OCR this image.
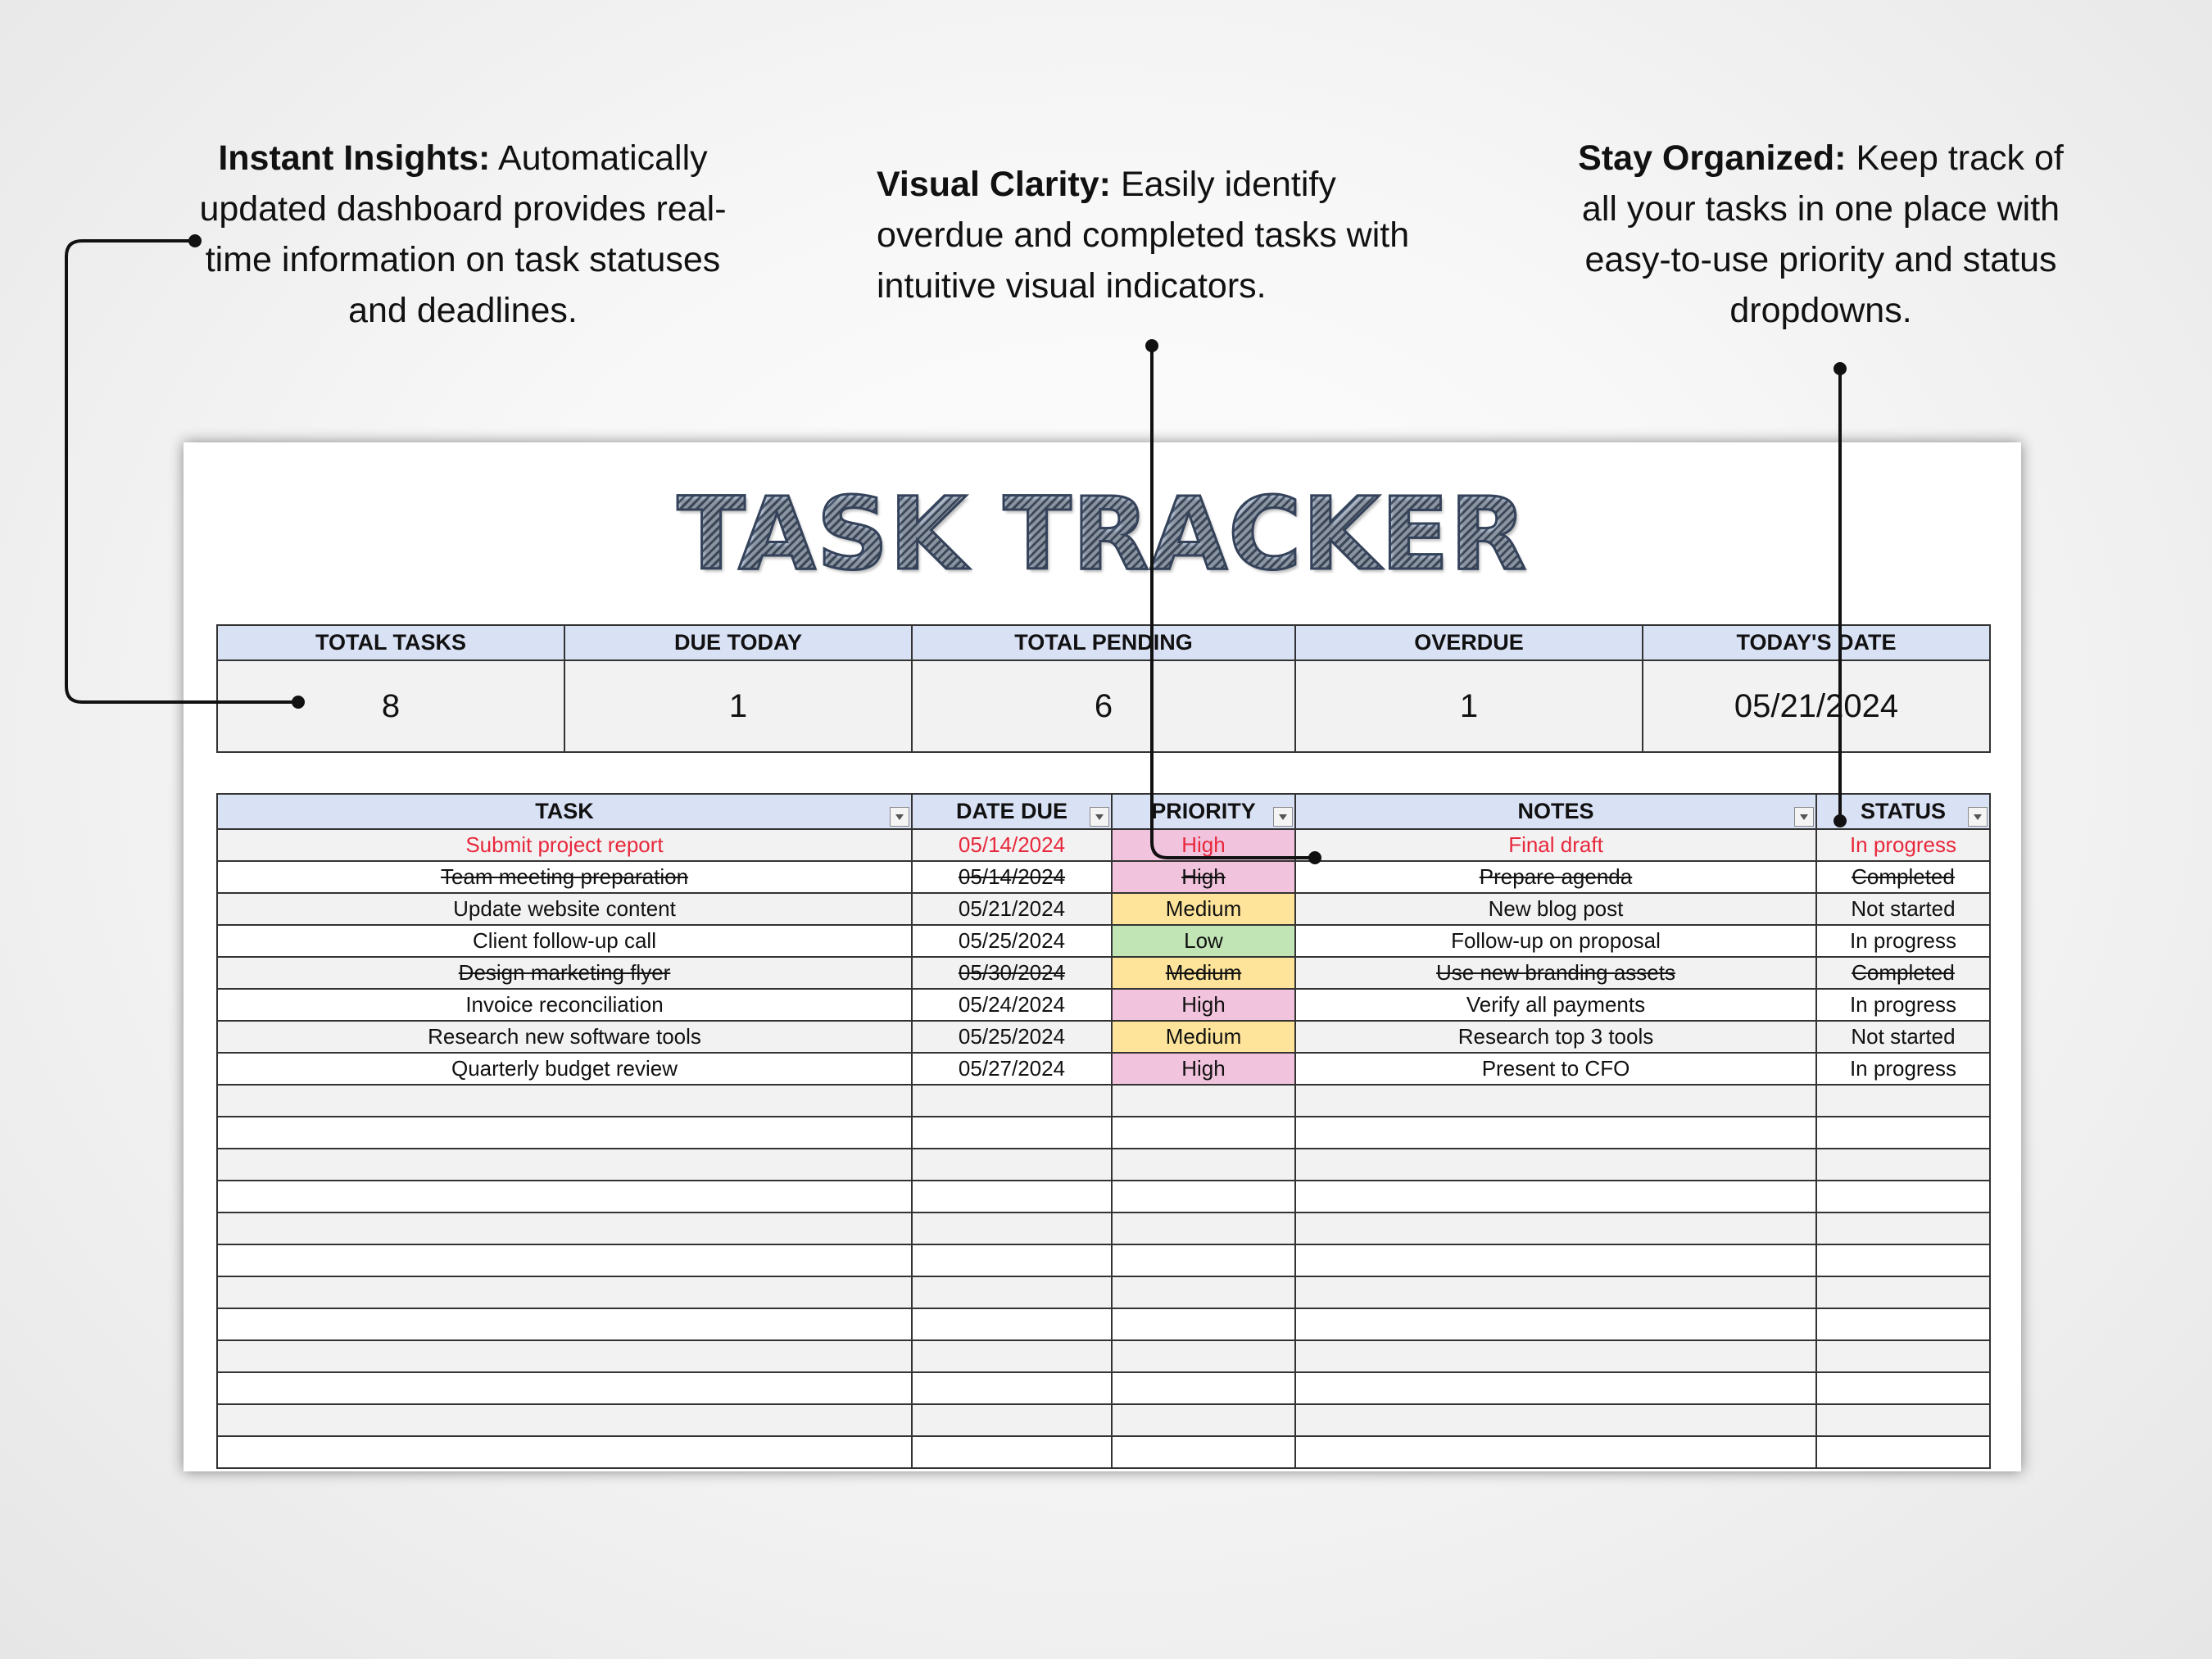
Instant Insights: Automatically updated dashboard provides real-time information on task statuses and deadlines.
Visual Clarity: Easily identify overdue and completed tasks with intuitive visual indicators.
Stay Organized: Keep track of all your tasks in one place with easy-to-use priority and status dropdowns.
TASK TRACKER
TOTAL TASKS	DUE TODAY	TOTAL PENDING	OVERDUE	TODAY'S DATE
8	1	6	1	05/21/2024
TASK	DATE DUE	PRIORITY	NOTES	STATUS

Submit project report	05/14/2024	High	Final draft	In progress
Team meeting preparation	05/14/2024	High	Prepare agenda	Completed
Update website content	05/21/2024	Medium	New blog post	Not started
Client follow-up call	05/25/2024	Low	Follow-up on proposal	In progress
Design marketing flyer	05/30/2024	Medium	Use new branding assets	Completed
Invoice reconciliation	05/24/2024	High	Verify all payments	In progress
Research new software tools	05/25/2024	Medium	Research top 3 tools	Not started
Quarterly budget review	05/27/2024	High	Present to CFO	In progress
